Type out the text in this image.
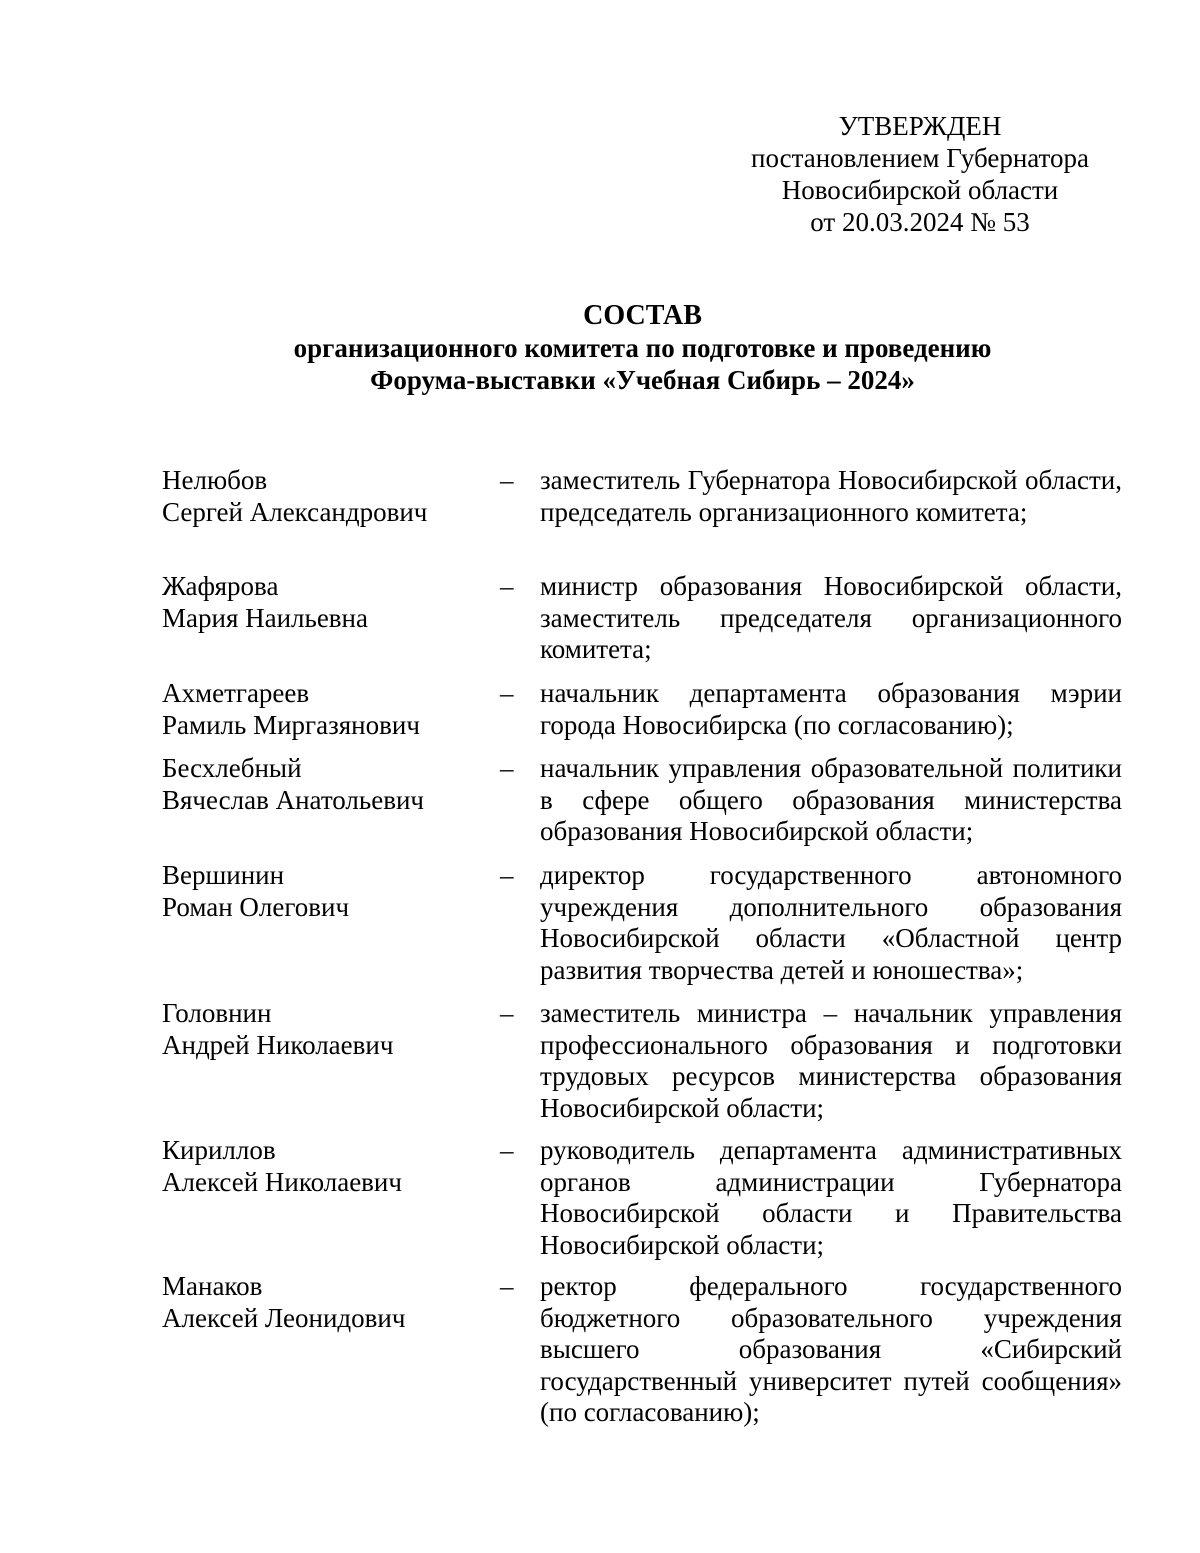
УТВЕРЖДЕН
постановлением Губернатора
Новосибирской области
от 20.03.2024 № 53
СОСТАВ
организационного комитета по подготовке и проведению
Форума-выставки «Учебная Сибирь – 2024»
Нелюбов
Сергей Александрович
– заместитель Губернатора Новосибирской области, председатель организационного комитета;
Жафярова
Мария Наильевна
– министр образования Новосибирской области, заместитель председателя организационного комитета;
Ахметгареев
Рамиль Миргазянович
– начальник департамента образования мэрии города Новосибирска (по согласованию);
Бесхлебный
Вячеслав Анатольевич
– начальник управления образовательной политики в сфере общего образования министерства образования Новосибирской области;
Вершинин
Роман Олегович
– директор государственного автономного учреждения дополнительного образования Новосибирской области «Областной центр развития творчества детей и юношества»;
Головнин
Андрей Николаевич
– заместитель министра – начальник управления профессионального образования и подготовки трудовых ресурсов министерства образования Новосибирской области;
Кириллов
Алексей Николаевич
– руководитель департамента административных органов администрации Губернатора Новосибирской области и Правительства Новосибирской области;
Манаков
Алексей Леонидович
– ректор федерального государственного бюджетного образовательного учреждения высшего образования «Сибирский государственный университет путей сообщения» (по согласованию);
